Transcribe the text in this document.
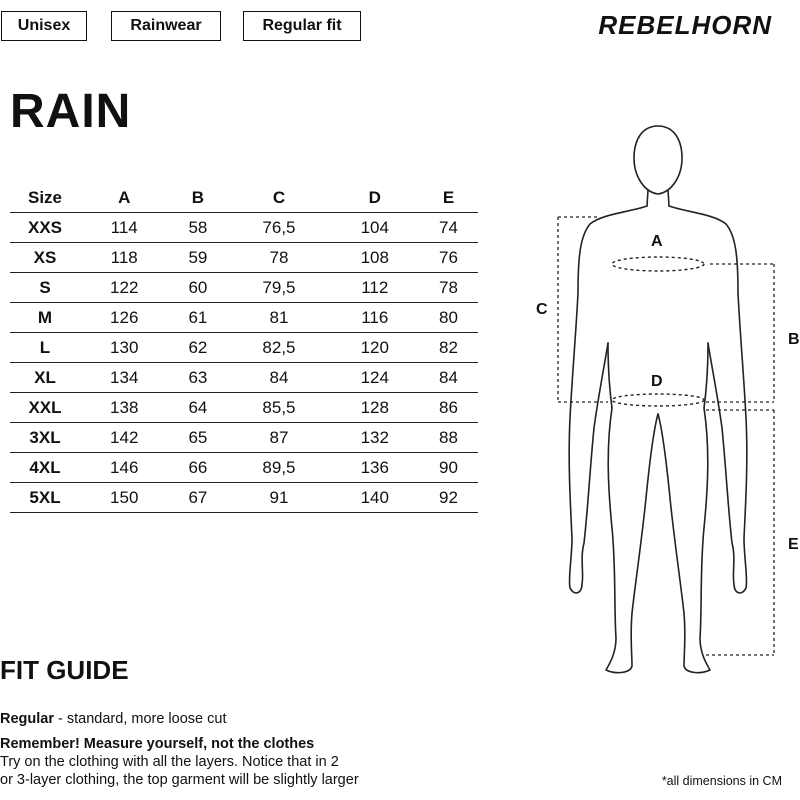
Unisex	Rainwear	Regular fit	REBELHORN
RAIN
Size	A	B	C	D	E
XXS	114	58	76,5	104	74
XS	118	59	78	108	76
S	122	60	79,5	112	78
M	126	61	81	116	80
L	130	62	82,5	120	82
XL	134	63	84	124	84
XXL	138	64	85,5	128	86
3XL	142	65	87	132	88
4XL	146	66	89,5	136	90
5XL	150	67	91	140	92
A
D
C
B
E
FIT GUIDE
Regular - standard, more loose cut
Remember! Measure yourself, not the clothes
Try on the clothing with all the layers. Notice that in 2
or 3-layer clothing, the top garment will be slightly larger	*all dimensions in CM
